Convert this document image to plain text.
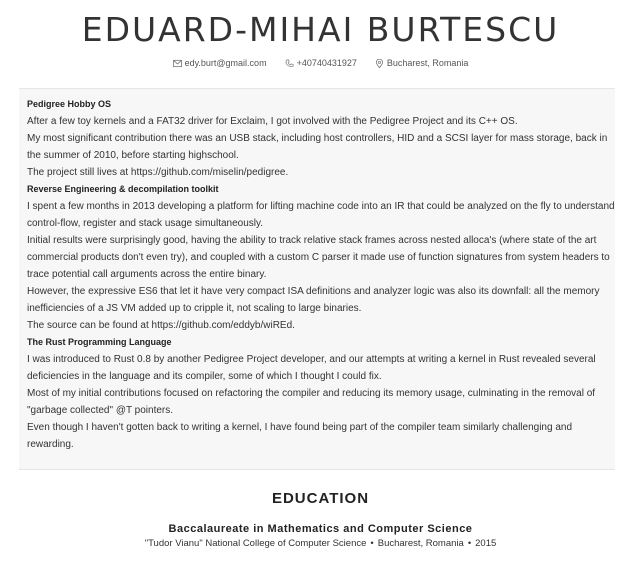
EDUARD-MIHAI BURTESCU
edy.burt@gmail.com	+40740431927	Bucharest, Romania
Pedigree Hobby OS

After a few toy kernels and a FAT32 driver for Exclaim, I got involved with the Pedigree Project and its C++ OS.

My most significant contribution there was an USB stack, including host controllers, HID and a SCSI layer for mass storage, back in the summer of 2010, before starting highschool.

The project still lives at https://github.com/miselin/pedigree.

Reverse Engineering & decompilation toolkit

I spent a few months in 2013 developing a platform for lifting machine code into an IR that could be analyzed on the fly to understand control-flow, register and stack usage simultaneously.

Initial results were surprisingly good, having the ability to track relative stack frames across nested alloca's (where state of the art commercial products don't even try), and coupled with a custom C parser it made use of function signatures from system headers to trace potential call arguments across the entire binary.

However, the expressive ES6 that let it have very compact ISA definitions and analyzer logic was also its downfall: all the memory inefficiencies of a JS VM added up to cripple it, not scaling to large binaries.

The source can be found at https://github.com/eddyb/wiREd.

The Rust Programming Language

I was introduced to Rust 0.8 by another Pedigree Project developer, and our attempts at writing a kernel in Rust revealed several deficiencies in the language and its compiler, some of which I thought I could fix.

Most of my initial contributions focused on refactoring the compiler and reducing its memory usage, culminating in the removal of "garbage collected" @T pointers.

Even though I haven't gotten back to writing a kernel, I have found being part of the compiler team similarly challenging and rewarding.

EDUCATION
Baccalaureate in Mathematics and Computer Science
"Tudor Vianu" National College of Computer Science • Bucharest, Romania • 2015
